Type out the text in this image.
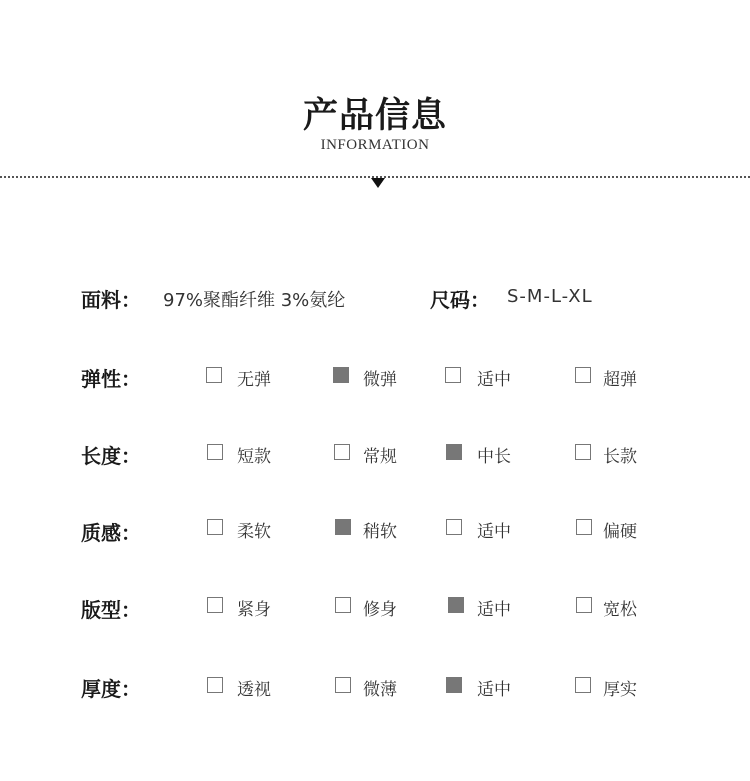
产品信息
INFORMATION
面料： 97%聚酯纤维 3%氨纶	尺码： S-M-L-XL
弹性：	无弹	微弹	适中	超弹
长度：	短款	常规	中长	长款
质感：	柔软	稍软	适中	偏硬
版型：	紧身	修身	适中	宽松
厚度：	透视	微薄	适中	厚实
